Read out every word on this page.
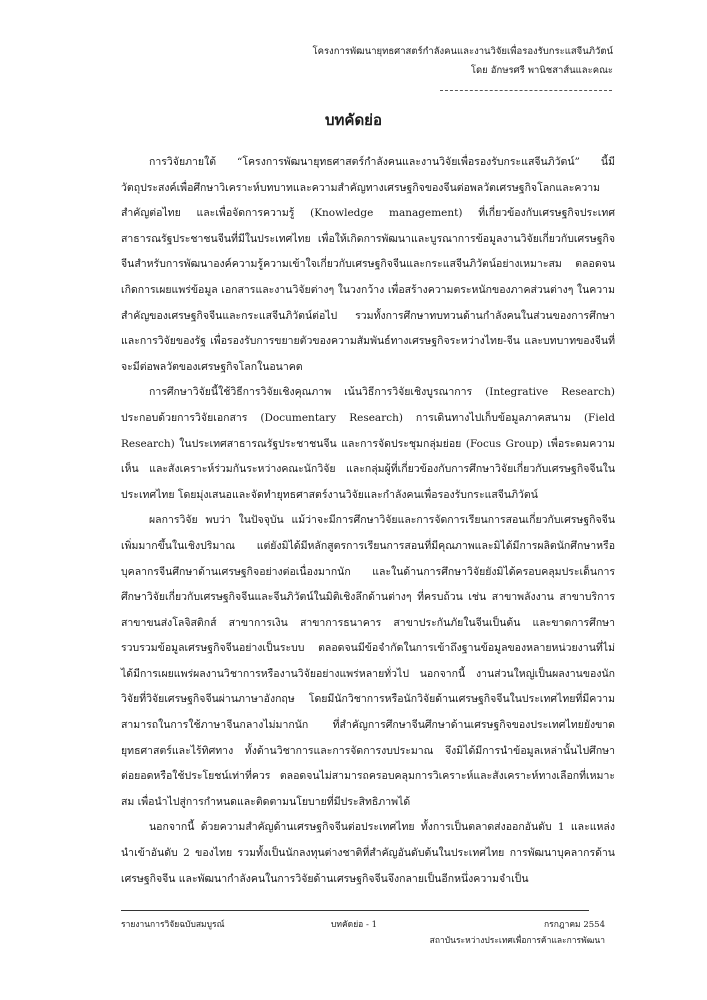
โครงการพัฒนายุทธศาสตร์กำลังคนและงานวิจัยเพื่อรองรับกระแสจีนภิวัตน์
โดย อักษรศรี พานิชสาส์นและคณะ
บทคัดย่อ

การวิจัยภายใต้ “โครงการพัฒนายุทธศาสตร์กำลังคนและงานวิจัยเพื่อรองรับกระแสจีนภิวัตน์” นี้มีวัตถุประสงค์เพื่อศึกษาวิเคราะห์บทบาทและความสำคัญทางเศรษฐกิจของจีนต่อพลวัตเศรษฐกิจโลกและความสำคัญต่อไทย และเพื่อจัดการความรู้ (Knowledge management) ที่เกี่ยวข้องกับเศรษฐกิจประเทศสาธารณรัฐประชาชนจีนที่มีในประเทศไทย เพื่อให้เกิดการพัฒนาและบูรณาการข้อมูลงานวิจัยเกี่ยวกับเศรษฐกิจจีนสำหรับการพัฒนาองค์ความรู้ความเข้าใจเกี่ยวกับเศรษฐกิจจีนและกระแสจีนภิวัตน์อย่างเหมาะสม ตลอดจนเกิดการเผยแพร่ข้อมูล เอกสารและงานวิจัยต่างๆ ในวงกว้าง เพื่อสร้างความตระหนักของภาคส่วนต่างๆ ในความสำคัญของเศรษฐกิจจีนและกระแสจีนภิวัตน์ต่อไป รวมทั้งการศึกษาทบทวนด้านกำลังคนในส่วนของการศึกษาและการวิจัยของรัฐ เพื่อรองรับการขยายตัวของความสัมพันธ์ทางเศรษฐกิจระหว่างไทย-จีน และบทบาทของจีนที่จะมีต่อพลวัตของเศรษฐกิจโลกในอนาคต

การศึกษาวิจัยนี้ใช้วิธีการวิจัยเชิงคุณภาพ เน้นวิธีการวิจัยเชิงบูรณาการ (Integrative Research) ประกอบด้วยการวิจัยเอกสาร (Documentary Research) การเดินทางไปเก็บข้อมูลภาคสนาม (Field Research) ในประเทศสาธารณรัฐประชาชนจีน และการจัดประชุมกลุ่มย่อย (Focus Group) เพื่อระดมความเห็น และสังเคราะห์ร่วมกันระหว่างคณะนักวิจัย และกลุ่มผู้ที่เกี่ยวข้องกับการศึกษาวิจัยเกี่ยวกับเศรษฐกิจจีนในประเทศไทย โดยมุ่งเสนอและจัดทำยุทธศาสตร์งานวิจัยและกำลังคนเพื่อรองรับกระแสจีนภิวัตน์

ผลการวิจัย พบว่า ในปัจจุบัน แม้ว่าจะมีการศึกษาวิจัยและการจัดการเรียนการสอนเกี่ยวกับเศรษฐกิจจีนเพิ่มมากขึ้นในเชิงปริมาณ แต่ยังมิได้มีหลักสูตรการเรียนการสอนที่มีคุณภาพและมิได้มีการผลิตนักศึกษาหรือบุคลากรจีนศึกษาด้านเศรษฐกิจอย่างต่อเนื่องมากนัก และในด้านการศึกษาวิจัยยังมิได้ครอบคลุมประเด็นการศึกษาวิจัยเกี่ยวกับเศรษฐกิจจีนและจีนภิวัตน์ในมิติเชิงลึกด้านต่างๆ ที่ครบถ้วน เช่น สาขาพลังงาน สาขาบริการ สาขาขนส่งโลจิสติกส์ สาขาการเงิน สาขาการธนาคาร สาขาประกันภัยในจีนเป็นต้น และขาดการศึกษารวบรวมข้อมูลเศรษฐกิจจีนอย่างเป็นระบบ ตลอดจนมีข้อจำกัดในการเข้าถึงฐานข้อมูลของหลายหน่วยงานที่ไม่ได้มีการเผยแพร่ผลงานวิชาการหรืองานวิจัยอย่างแพร่หลายทั่วไป นอกจากนี้ งานส่วนใหญ่เป็นผลงานของนักวิจัยที่วิจัยเศรษฐกิจจีนผ่านภาษาอังกฤษ โดยมีนักวิชาการหรือนักวิจัยด้านเศรษฐกิจจีนในประเทศไทยที่มีความสามารถในการใช้ภาษาจีนกลางไม่มากนัก ที่สำคัญการศึกษาจีนศึกษาด้านเศรษฐกิจของประเทศไทยยังขาดยุทธศาสตร์และไร้ทิศทาง ทั้งด้านวิชาการและการจัดการงบประมาณ จึงมิได้มีการนำข้อมูลเหล่านั้นไปศึกษาต่อยอดหรือใช้ประโยชน์เท่าที่ควร ตลอดจนไม่สามารถครอบคลุมการวิเคราะห์และสังเคราะห์ทางเลือกที่เหมาะสม เพื่อนำไปสู่การกำหนดและติดตามนโยบายที่มีประสิทธิภาพได้

นอกจากนี้ ด้วยความสำคัญด้านเศรษฐกิจจีนต่อประเทศไทย ทั้งการเป็นตลาดส่งออกอันดับ 1 และแหล่งนำเข้าอันดับ 2 ของไทย รวมทั้งเป็นนักลงทุนต่างชาติที่สำคัญอันดับต้นในประเทศไทย การพัฒนาบุคลากรด้านเศรษฐกิจจีน และพัฒนากำลังคนในการวิจัยด้านเศรษฐกิจจีนจึงกลายเป็นอีกหนึ่งความจำเป็น

รายงานการวิจัยฉบับสมบูรณ์	บทคัดย่อ - 1	กรกฎาคม 2554
สถาบันระหว่างประเทศเพื่อการค้าและการพัฒนา
